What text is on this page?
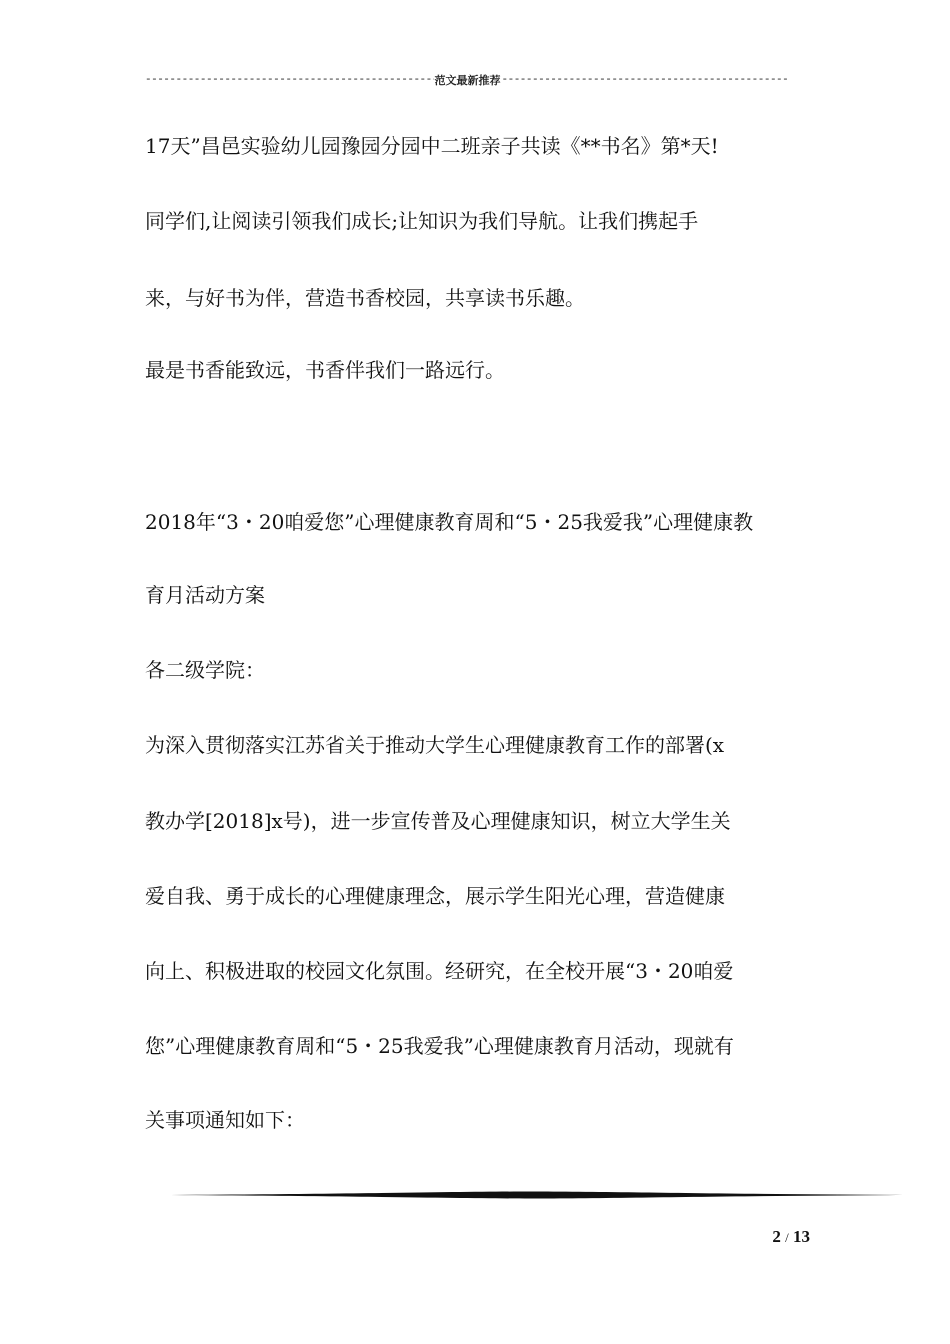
-----
范文最新推荐
-----
17天”昌邑实验幼儿园豫园分园中二班亲子共读《**书名》第*天!
同学们,让阅读引领我们成长;让知识为我们导航。让我们携起手
来，与好书为伴，营造书香校园，共享读书乐趣。
最是书香能致远，书香伴我们一路远行。
2018年“3・20咱爱您”心理健康教育周和“5・25我爱我”心理健康教
育月活动方案
各二级学院：
为深入贯彻落实江苏省关于推动大学生心理健康教育工作的部署(x
教办学[2018]x号)，进一步宣传普及心理健康知识，树立大学生关
爱自我、勇于成长的心理健康理念，展示学生阳光心理，营造健康
向上、积极进取的校园文化氛围。经研究，在全校开展“3・20咱爱
您”心理健康教育周和“5・25我爱我”心理健康教育月活动，现就有
关事项通知如下：
2 / 13
